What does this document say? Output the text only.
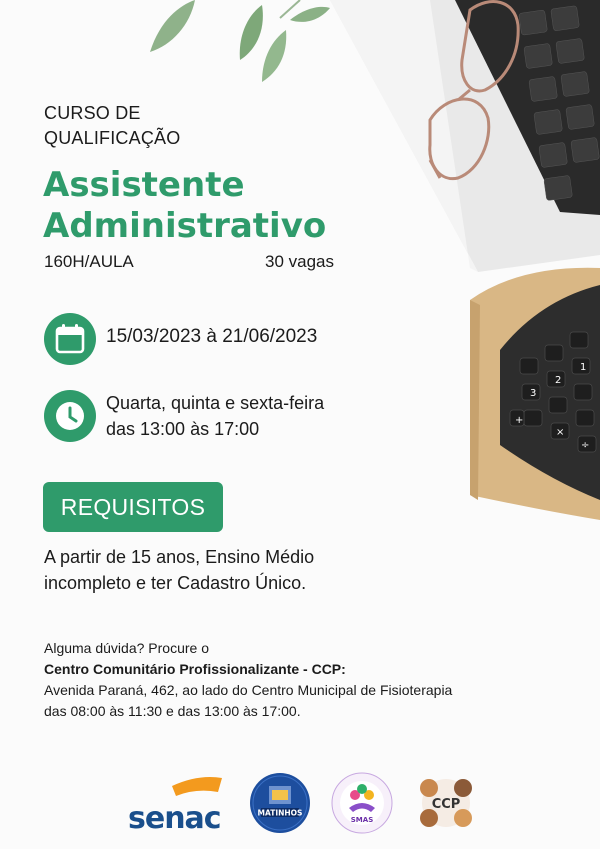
+
×
÷
3
2
1
CURSO DE
QUALIFICAÇÃO
Assistente
Administrativo
160H/AULA	30 vagas
15/03/2023 à 21/06/2023
Quarta, quinta e sexta-feira
das 13:00 às 17:00
REQUISITOS
A partir de 15 anos, Ensino Médio
incompleto e ter Cadastro Único.
Alguma dúvida? Procure o
Centro Comunitário Profissionalizante - CCP:
Avenida Paraná, 462, ao lado do Centro Municipal de Fisioterapia
das 08:00 às 11:30 e das 13:00 às 17:00.
senac	MATINHOS
SMAS
CCP
